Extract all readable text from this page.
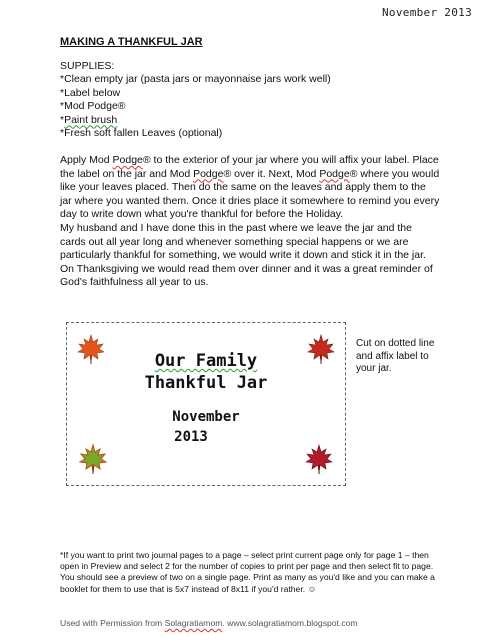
November 2013
MAKING A THANKFUL JAR
SUPPLIES:
*Clean empty jar (pasta jars or mayonnaise jars work well)
*Label below
*Mod Podge®
*Paint brush
*Fresh soft fallen Leaves (optional)

Apply Mod Podge® to the exterior of your jar where you will affix your label. Place the label on the jar and Mod Podge® over it. Next, Mod Podge® where you would like your leaves placed. Then do the same on the leaves and apply them to the jar where you wanted them. Once it dries place it somewhere to remind you every day to write down what you're thankful for before the Holiday.

My husband and I have done this in the past where we leave the jar and the cards out all year long and whenever something special happens or we are particularly thankful for something, we would write it down and stick it in the jar. On Thanksgiving we would read them over dinner and it was a great reminder of God's faithfulness all year to us.

Our Family
Thankful Jar
November
2013
Cut on dotted line and affix label to your jar.

*If you want to print two journal pages to a page – select print current page only for page 1 – then open in Preview and select 2 for the number of copies to print per page and then select fit to page. You should see a preview of two on a single page. Print as many as you'd like and you can make a booklet for them to use that is 5x7 instead of 8x11 if you'd rather. ☺

Used with Permission from Solagratiamom. www.solagratiamom.blogspot.com
